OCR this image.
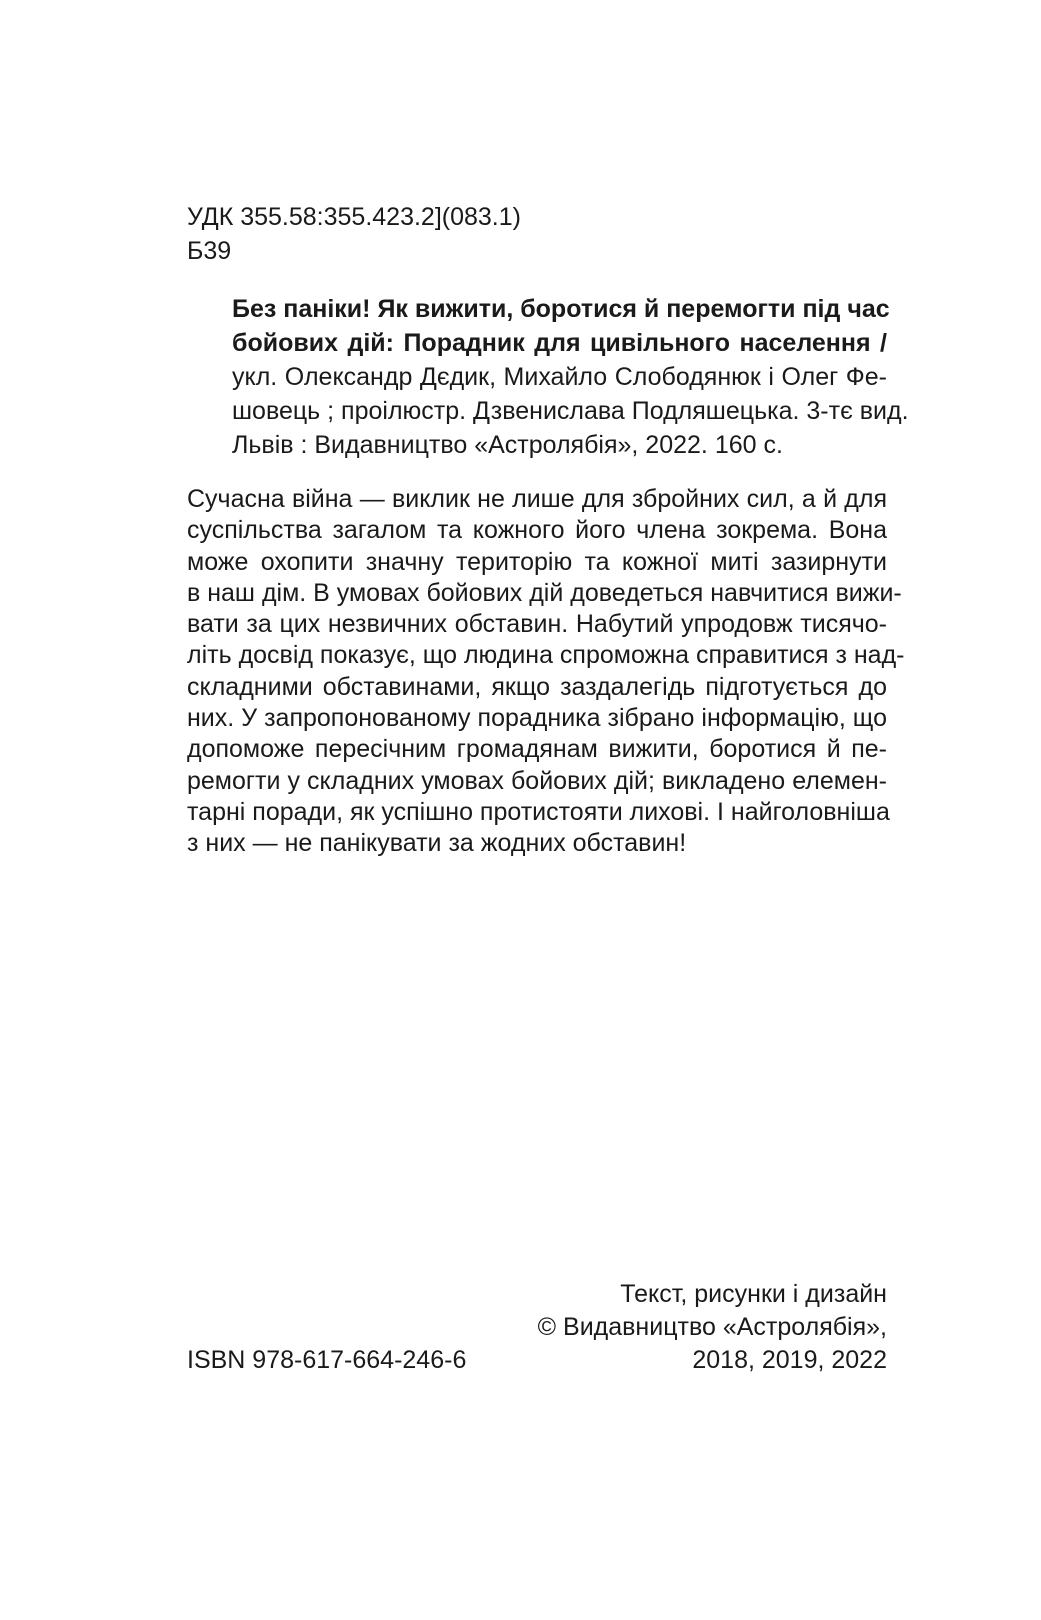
УДК 355.58:355.423.2](083.1)

Б39

Без паніки! Як вижити, боротися й перемогти під час

бойових дій: Порадник для цивільного населення /

укл. Олександр Дєдик, Михайло Слободянюк і Олег Фе-

шовець ; проілюстр. Дзвенислава Подляшецька. 3-тє вид.

Львів : Видавництво «Астролябія», 2022. 160 с.

Сучасна війна — виклик не лише для збройних сил, а й для

суспільства загалом та кожного його члена зокрема. Вона

може охопити значну територію та кожної миті зазирнути

в наш дім. В умовах бойових дій доведеться навчитися вижи-

вати за цих незвичних обставин. Набутий упродовж тисячо-

літь досвід показує, що людина спроможна справитися з над-

складними обставинами, якщо заздалегідь підготується до

них. У запропонованому порадника зібрано інформацію, що

допоможе пересічним громадянам вижити, боротися й пе-

ремогти у складних умовах бойових дій; викладено елемен-

тарні поради, як успішно протистояти лихові. І найголовніша

з них — не панікувати за жодних обставин!

Текст, рисунки і дизайн

© Видавництво «Астролябія»,

2018, 2019, 2022

ISBN 978-617-664-246-6
